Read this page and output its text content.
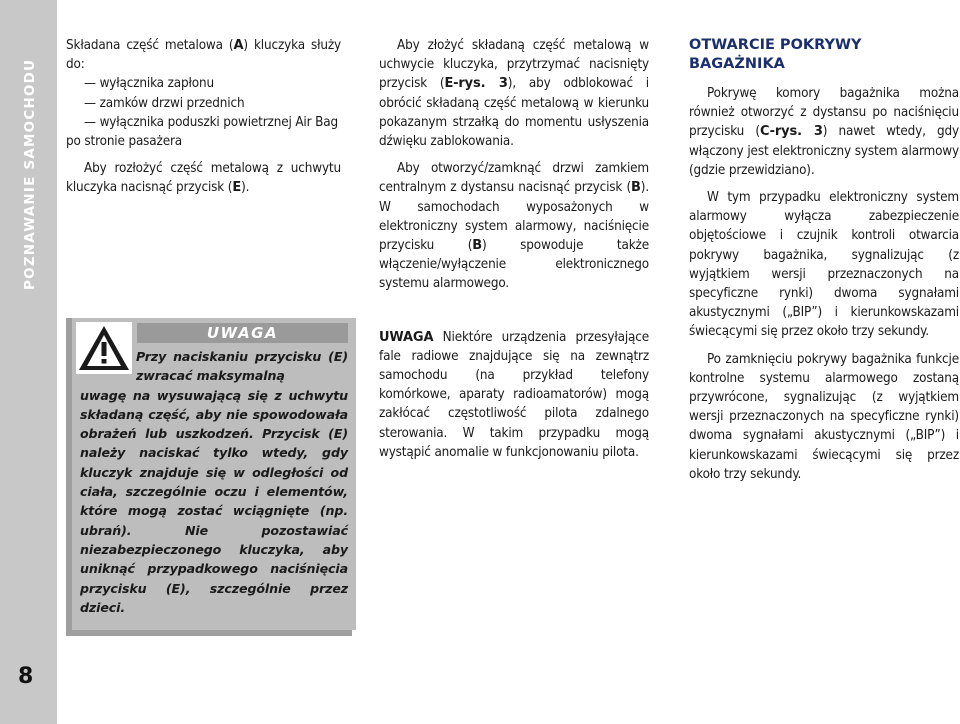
POZNAWANIE SAMOCHODU
8

Składana część metalowa (A) kluczyka służy do:

— wyłącznika zapłonu
— zamków drzwi przednich
— wyłącznika poduszki powietrznej Air Bag po stronie pasażera

Aby rozłożyć część metalową z uchwytu kluczyka nacisnąć przycisk (E).

UWAGA
Przy naciskaniu przycisku (E) zwracać maksymalną
uwagę na wysuwającą się z uchwytu składaną część, aby nie spowodowała obrażeń lub uszkodzeń. Przycisk (E) należy naciskać tylko wtedy, gdy kluczyk znajduje się w odległości od ciała, szczególnie oczu i elementów, które mogą zostać wciągnięte (np. ubrań). Nie pozostawiać niezabezpieczonego kluczyka, aby uniknąć przypadkowego naciśnięcia przycisku (E), szczególnie przez dzieci.

Aby złożyć składaną część metalową w uchwycie kluczyka, przytrzymać nacisnięty przycisk (E-rys. 3), aby odblokować i obrócić składaną część metalową w kierunku pokazanym strzałką do momentu usłyszenia dźwięku zablokowania.

Aby otworzyć/zamknąć drzwi zamkiem centralnym z dystansu nacisnąć przycisk (B). W samochodach wyposażonych w elektroniczny system alarmowy, naciśnięcie przycisku (B) spowoduje także włączenie/wyłączenie elektronicznego systemu alarmowego.

UWAGA Niektóre urządzenia przesyłające fale radiowe znajdujące się na zewnątrz samochodu (na przykład telefony komórkowe, aparaty radioamatorów) mogą zakłócać częstotliwość pilota zdalnego sterowania. W takim przypadku mogą wystąpić anomalie w funkcjonowaniu pilota.

OTWARCIE POKRYWY BAGAŻNIKA

Pokrywę komory bagażnika można również otworzyć z dystansu po naciśnięciu przycisku (C-rys. 3) nawet wtedy, gdy włączony jest elektroniczny system alarmowy (gdzie przewidziano).

W tym przypadku elektroniczny system alarmowy wyłącza zabezpieczenie objętościowe i czujnik kontroli otwarcia pokrywy bagażnika, sygnalizując (z wyjątkiem wersji przeznaczonych na specyficzne rynki) dwoma sygnałami akustycznymi („BIP”) i kierunkowskazami świecącymi się przez około trzy sekundy.

Po zamknięciu pokrywy bagażnika funkcje kontrolne systemu alarmowego zostaną przywrócone, sygnalizując (z wyjątkiem wersji przeznaczonych na specyficzne rynki) dwoma sygnałami akustycznymi („BIP”) i kierunkowskazami świecącymi się przez około trzy sekundy.
